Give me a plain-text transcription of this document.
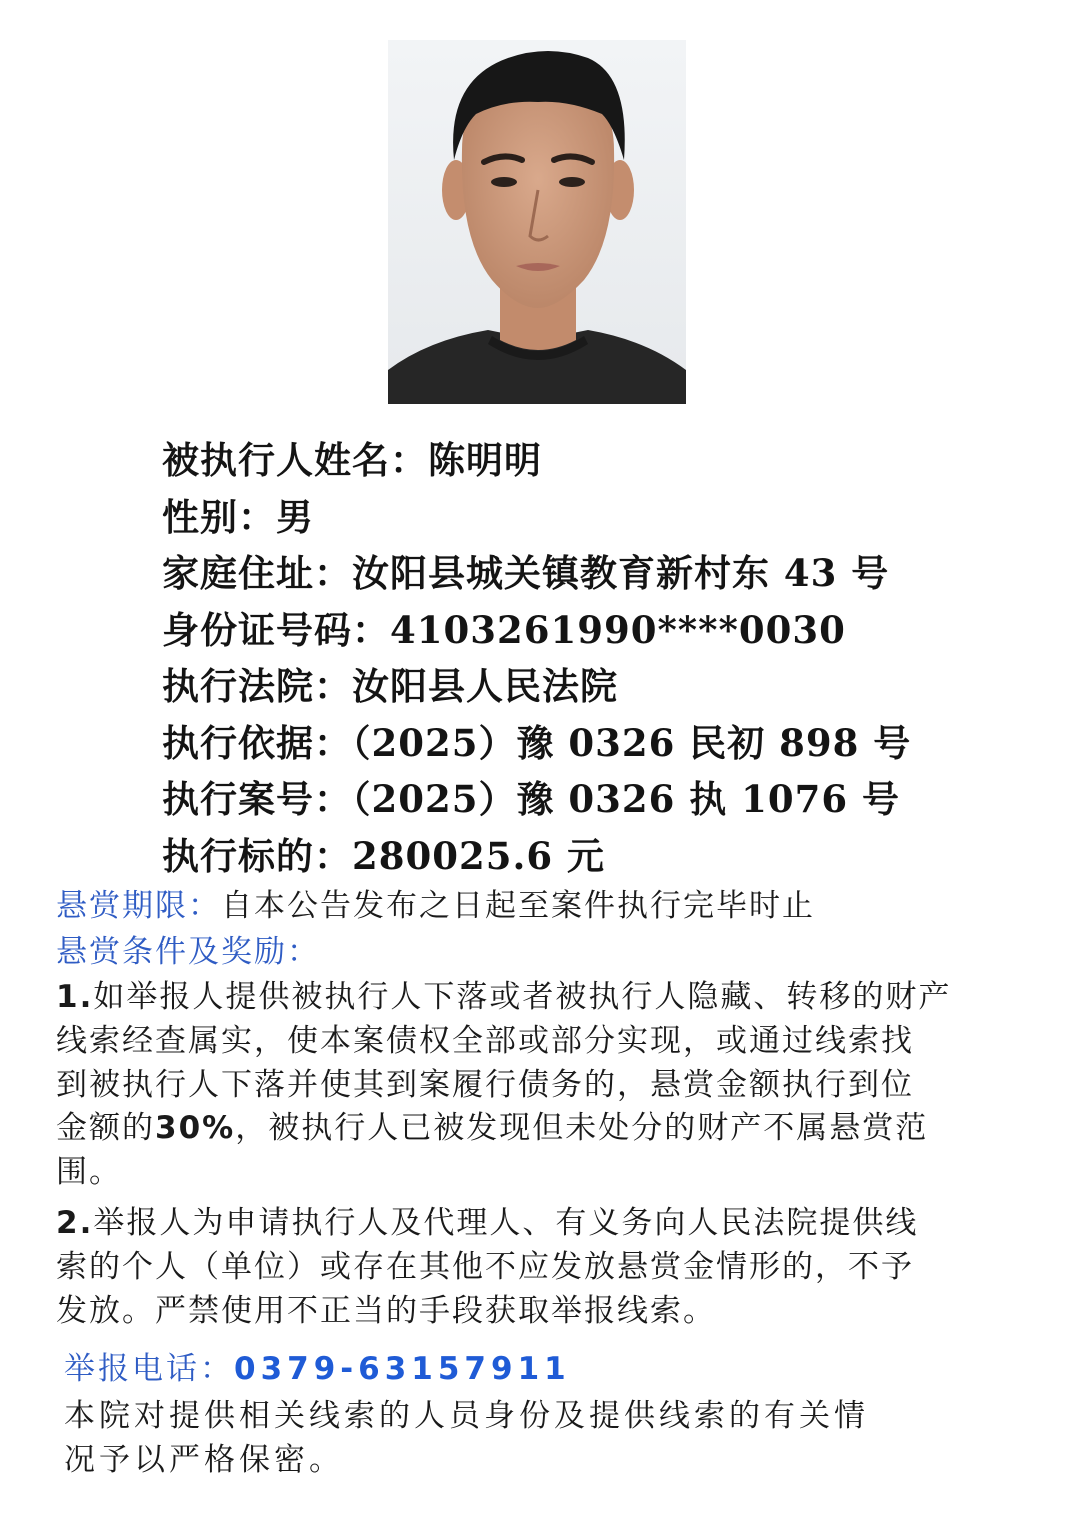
被执行人姓名：陈明明
性别：男
家庭住址：汝阳县城关镇教育新村东 43 号
身份证号码：4103261990****0030
执行法院：汝阳县人民法院
执行依据：（2025）豫 0326 民初 898 号
执行案号：（2025）豫 0326 执 1076 号
执行标的：280025.6 元
悬赏期限：自本公告发布之日起至案件执行完毕时止
悬赏条件及奖励：
1.如举报人提供被执行人下落或者被执行人隐藏、转移的财产
线索经查属实，使本案债权全部或部分实现，或通过线索找
到被执行人下落并使其到案履行债务的，悬赏金额执行到位
金额的30%，被执行人已被发现但未处分的财产不属悬赏范
围。
2.举报人为申请执行人及代理人、有义务向人民法院提供线
索的个人（单位）或存在其他不应发放悬赏金情形的，不予
发放。严禁使用不正当的手段获取举报线索。
举报电话：0379-63157911
本院对提供相关线索的人员身份及提供线索的有关情
况予以严格保密。
